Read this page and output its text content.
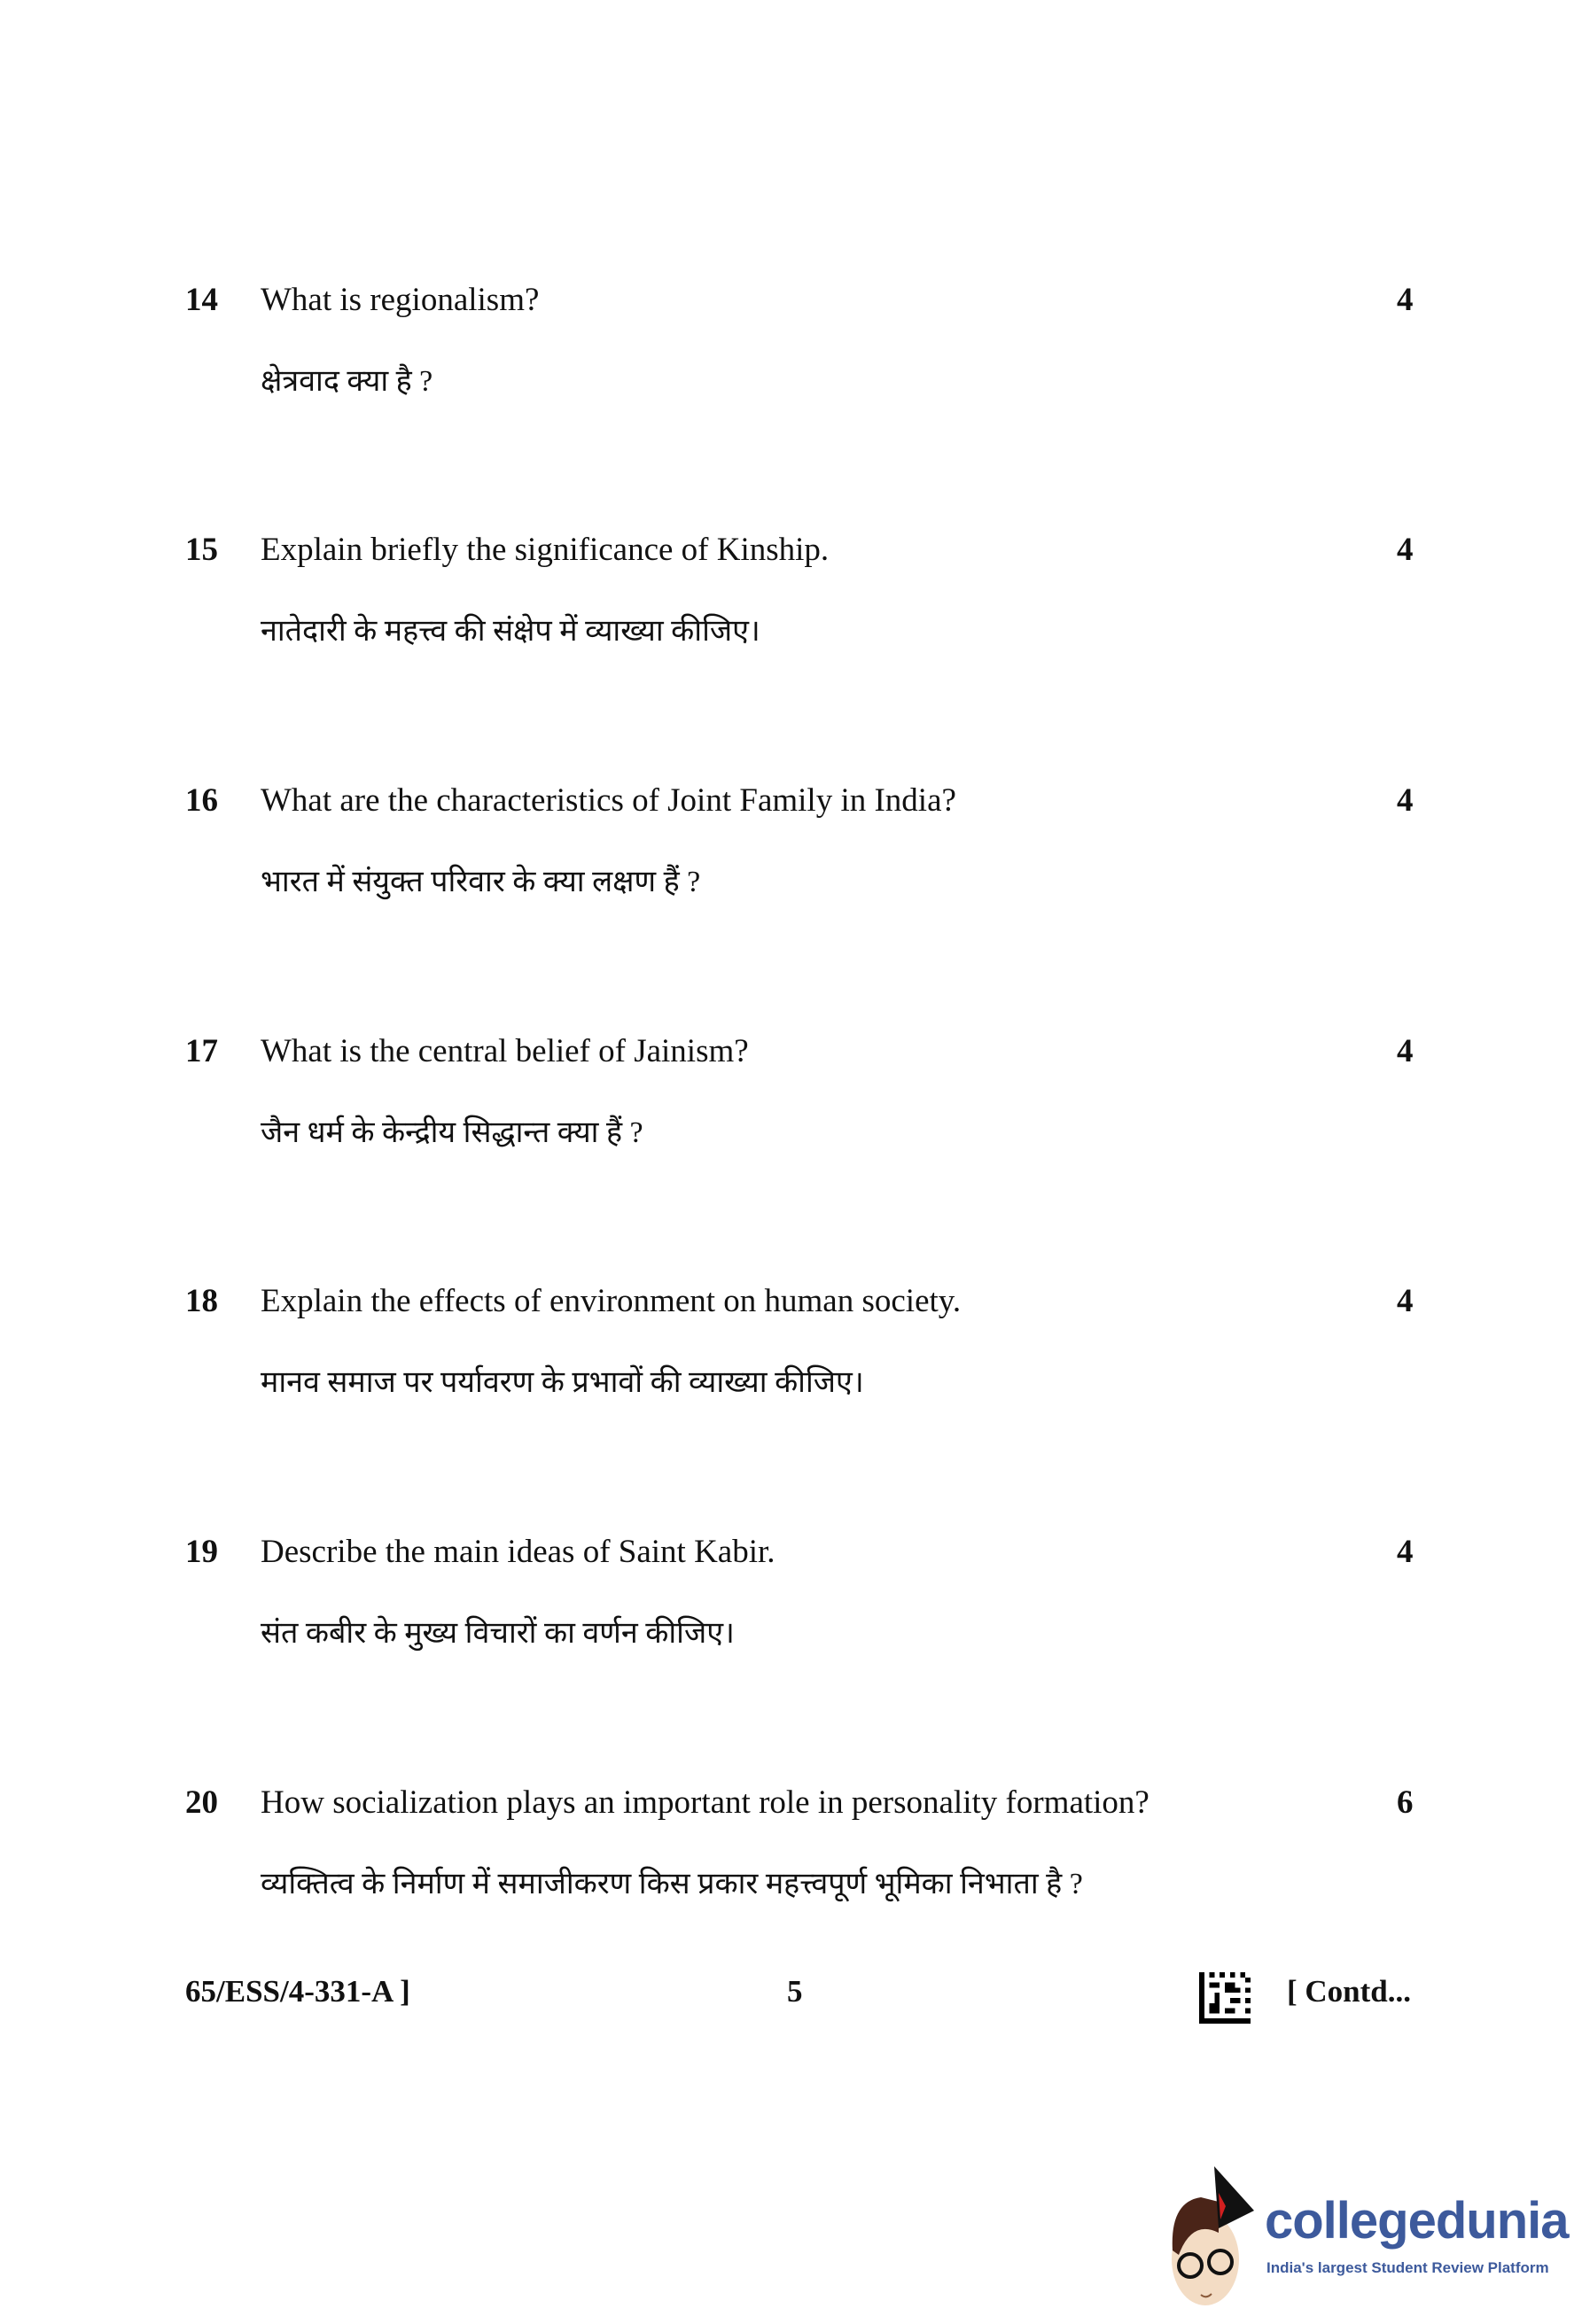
14 What is regionalism?	4
क्षेत्रवाद क्या है ?
15 Explain briefly the significance of Kinship.	4
नातेदारी के महत्त्व की संक्षेप में व्याख्या कीजिए।
16 What are the characteristics of Joint Family in India?	4
भारत में संयुक्त परिवार के क्या लक्षण हैं ?
17 What is the central belief of Jainism?	4
जैन धर्म के केन्द्रीय सिद्धान्त क्या हैं ?
18 Explain the effects of environment on human society.	4
मानव समाज पर पर्यावरण के प्रभावों की व्याख्या कीजिए।
19 Describe the main ideas of Saint Kabir.	4
संत कबीर के मुख्य विचारों का वर्णन कीजिए।
20 How socialization plays an important role in personality formation?	6
व्यक्तित्व के निर्माण में समाजीकरण किस प्रकार महत्त्वपूर्ण भूमिका निभाता है ?
65/ESS/4-331-A ]	5	[ Contd...
collegedunia
India's largest Student Review Platform
